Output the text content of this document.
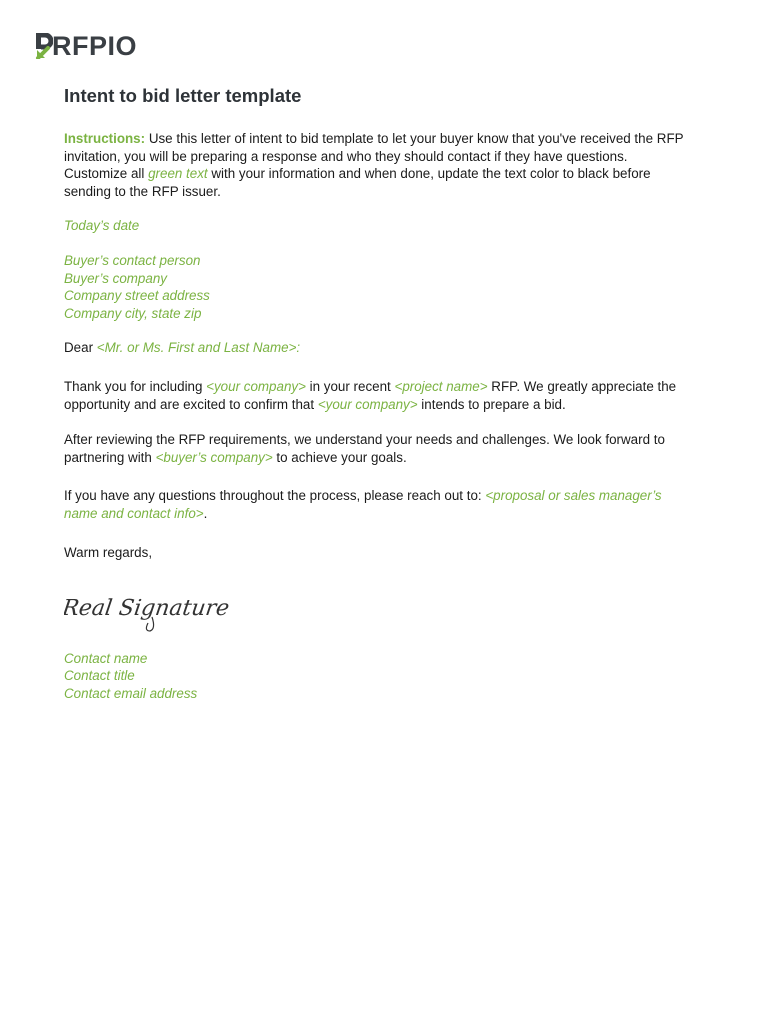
RFPIO
Intent to bid letter template

Instructions: Use this letter of intent to bid template to let your buyer know that you've received the RFP invitation, you will be preparing a response and who they should contact if they have questions. Customize all green text with your information and when done, update the text color to black before sending to the RFP issuer.

Today’s date

Buyer’s contact person

Buyer’s company

Company street address

Company city, state zip

Dear <Mr. or Ms. First and Last Name>:

Thank you for including <your company> in your recent <project name> RFP. We greatly appreciate the opportunity and are excited to confirm that <your company> intends to prepare a bid.

After reviewing the RFP requirements, we understand your needs and challenges. We look forward to partnering with <buyer’s company> to achieve your goals.

If you have any questions throughout the process, please reach out to: <proposal or sales manager’s name and contact info>.

Warm regards,

Real Signature

Contact name

Contact title

Contact email address
